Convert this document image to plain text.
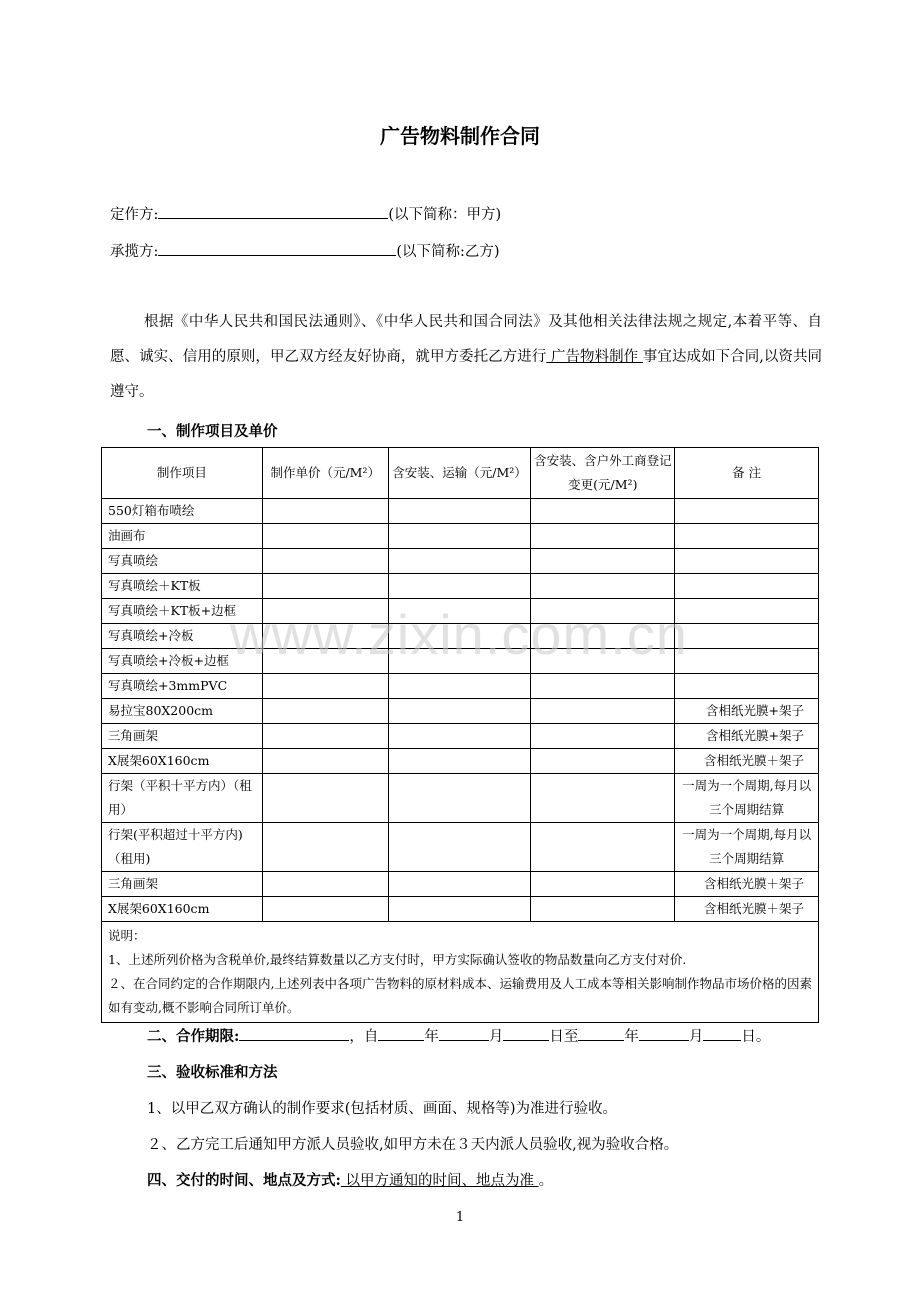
广告物料制作合同
定作方:	(以下简称：甲方)
承揽方:	(以下简称:乙方)
根据《中华人民共和国民法通则》、《中华人民共和国合同法》及其他相关法律法规之规定,本着平等、自愿、诚实、信用的原则，甲乙双方经友好协商，就甲方委托乙方进行 广告物料制作 事宜达成如下合同,以资共同遵守。
一、制作项目及单价
制作项目	制作单价（元/M²）	含安装、运输（元/M²）	含安装、含户外工商登记变更(元/M²)	备 注
550灯箱布喷绘				
油画布				
写真喷绘				
写真喷绘＋KT板				
写真喷绘＋KT板+边框				
写真喷绘+冷板				
写真喷绘+冷板+边框				
写真喷绘+3mmPVC				
易拉宝80X200cm				含相纸光膜+架子
三角画架				含相纸光膜+架子
X展架60X160cm				含相纸光膜＋架子
行架（平积十平方内）（租用）				一周为一个周期,每月以三个周期结算
行架(平积超过十平方内)（租用)				一周为一个周期,每月以三个周期结算
三角画架				含相纸光膜＋架子
X展架60X160cm				含相纸光膜＋架子

说明：
1、上述所列价格为含税单价,最终结算数量以乙方支付时，甲方实际确认签收的物品数量向乙方支付对价.
２、在合同约定的合作期限内,上述列表中各项广告物料的原材料成本、运输费用及人工成本等相关影响制作物品市场价格的因素如有变动,概不影响合同所订单价。				
www.zixin.com.cn
二、合作期限:	，自	年	月	日至	年	月	日。
三、验收标准和方法
1、以甲乙双方确认的制作要求(包括材质、画面、规格等)为准进行验收。
２、乙方完工后通知甲方派人员验收,如甲方未在３天内派人员验收,视为验收合格。
四、交付的时间、地点及方式: 以甲方通知的时间、地点为准 。
1
